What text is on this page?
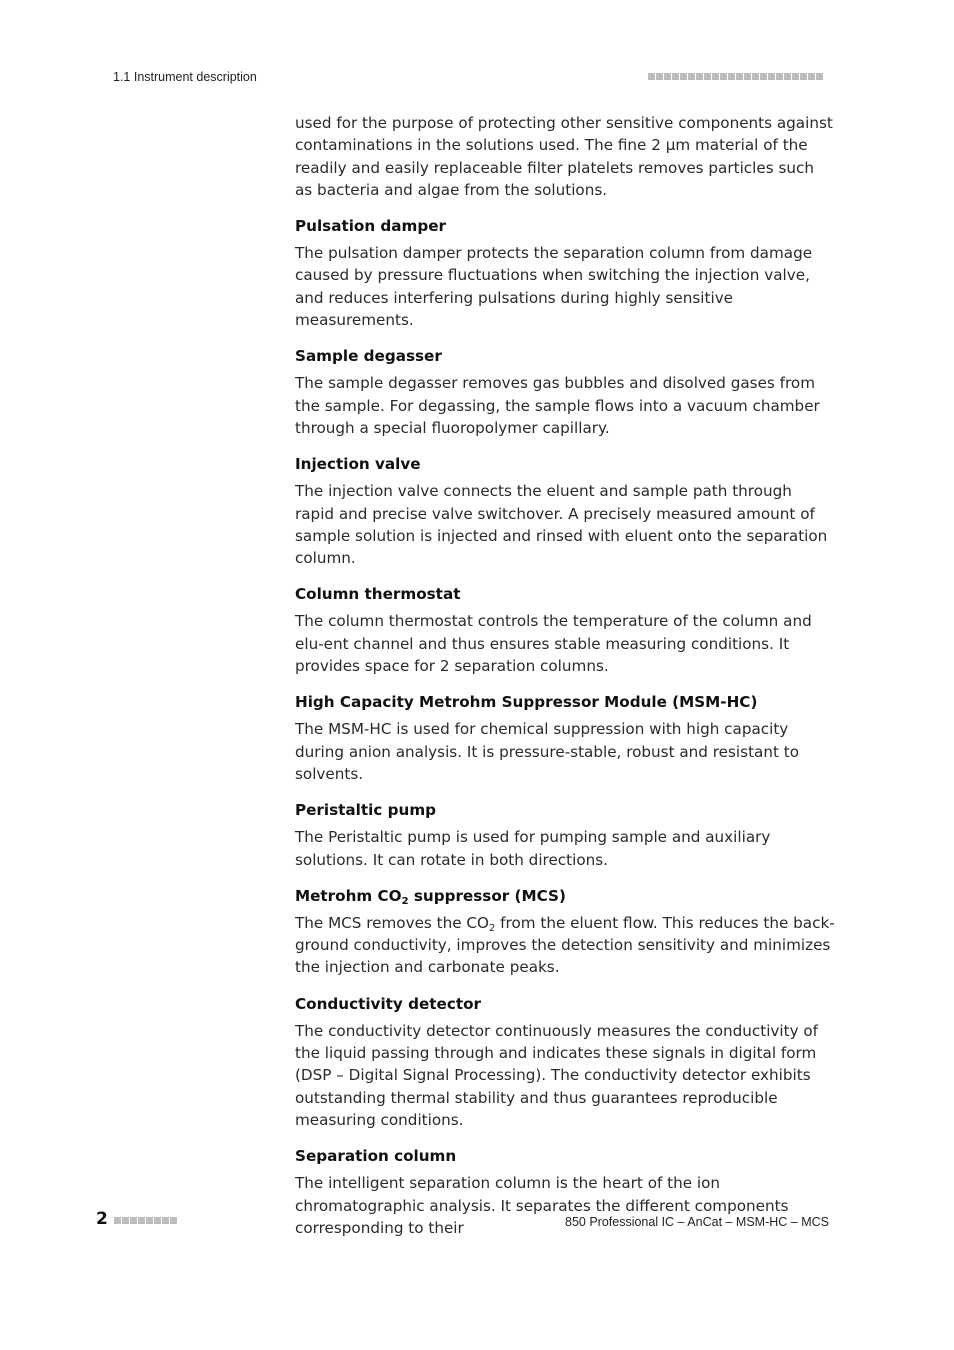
1.1 Instrument description

used for the purpose of protecting other sensitive components against contaminations in the solutions used. The fine 2 µm material of the readily and easily replaceable filter platelets removes particles such as bacteria and algae from the solutions.

Pulsation damper

The pulsation damper protects the separation column from damage caused by pressure fluctuations when switching the injection valve, and reduces interfering pulsations during highly sensitive measurements.

Sample degasser

The sample degasser removes gas bubbles and disolved gases from the sample. For degassing, the sample flows into a vacuum chamber through a special fluoropolymer capillary.

Injection valve

The injection valve connects the eluent and sample path through rapid and precise valve switchover. A precisely measured amount of sample solution is injected and rinsed with eluent onto the separation column.

Column thermostat

The column thermostat controls the temperature of the column and elu-ent channel and thus ensures stable measuring conditions. It provides space for 2 separation columns.

High Capacity Metrohm Suppressor Module (MSM-HC)

The MSM-HC is used for chemical suppression with high capacity during anion analysis. It is pressure-stable, robust and resistant to solvents.

Peristaltic pump

The Peristaltic pump is used for pumping sample and auxiliary solutions. It can rotate in both directions.

Metrohm $CO_2$ suppressor (MCS)

The MCS removes the $CO_2$ from the eluent flow. This reduces the back-ground conductivity, improves the detection sensitivity and minimizes the injection and carbonate peaks.

Conductivity detector

The conductivity detector continuously measures the conductivity of the liquid passing through and indicates these signals in digital form (DSP – Digital Signal Processing). The conductivity detector exhibits outstanding thermal stability and thus guarantees reproducible measuring conditions.

Separation column

The intelligent separation column is the heart of the ion chromatographic analysis. It separates the different components corresponding to their

2	850 Professional IC – AnCat – MSM-HC – MCS
